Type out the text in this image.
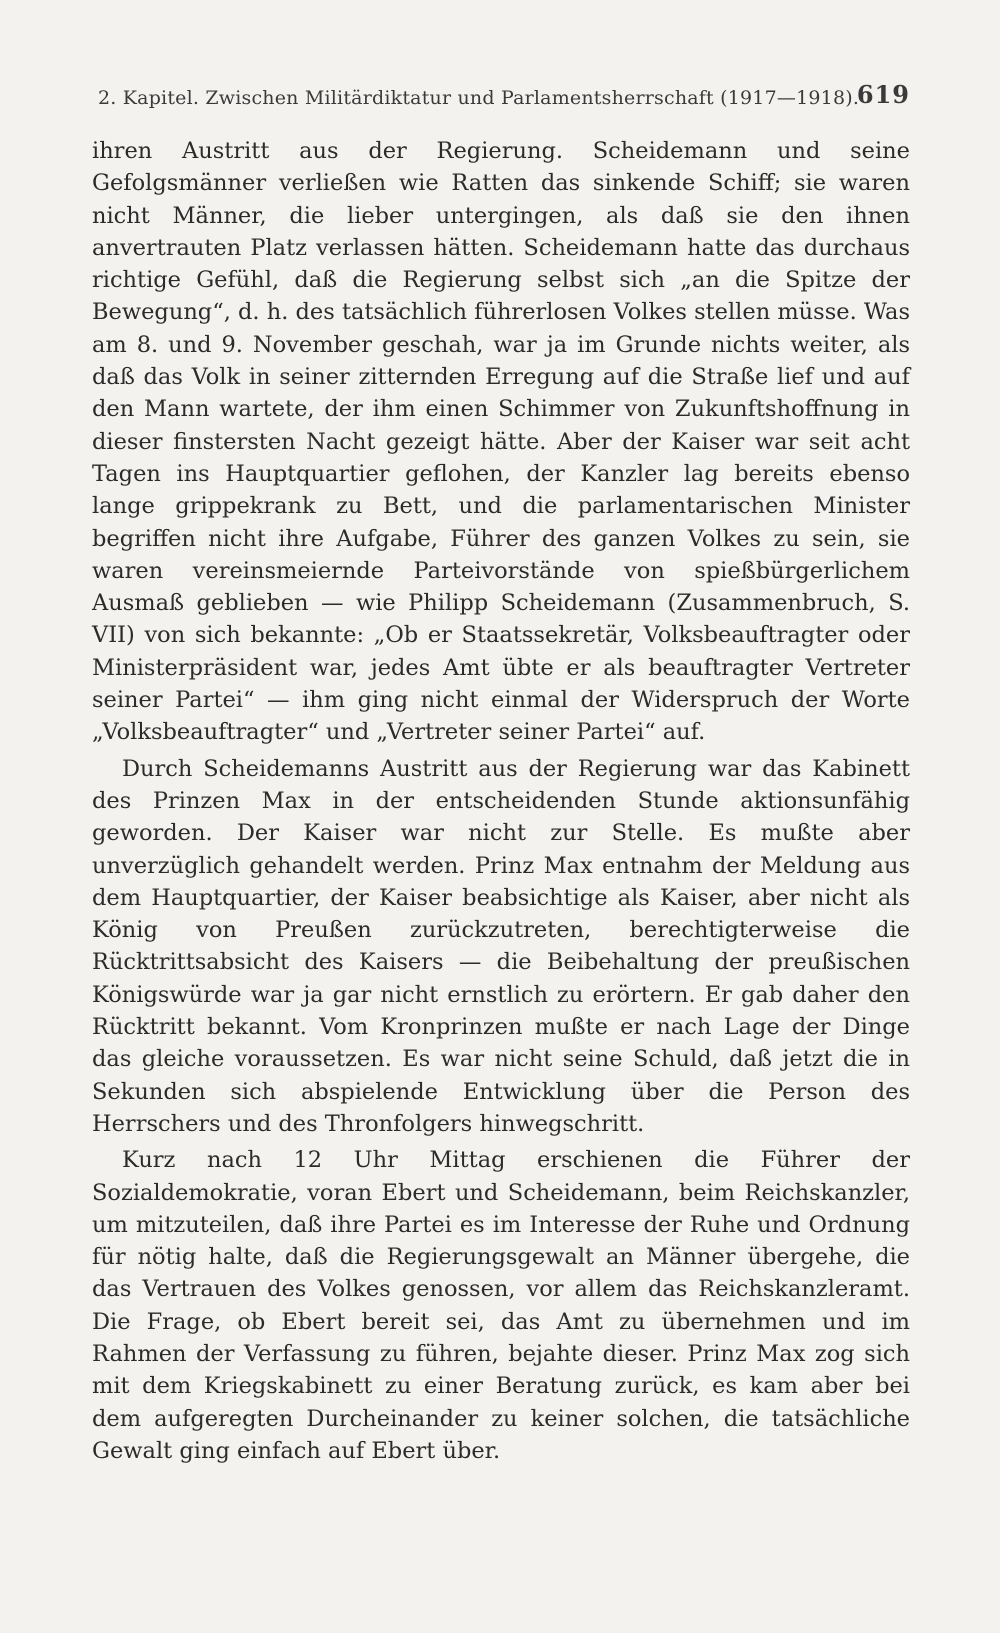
2. Kapitel. Zwischen Militärdiktatur und Parlamentsherrschaft (1917—1918).
619

ihren Austritt aus der Regierung. Scheidemann und seine Gefolgsmänner verließen wie Ratten das sinkende Schiff; sie waren nicht Männer, die lieber untergingen, als daß sie den ihnen anvertrauten Platz verlassen hätten. Scheidemann hatte das durchaus richtige Gefühl, daß die Regierung selbst sich „an die Spitze der Bewegung“, d. h. des tatsächlich führerlosen Volkes stellen müsse. Was am 8. und 9. November geschah, war ja im Grunde nichts weiter, als daß das Volk in seiner zitternden Erregung auf die Straße lief und auf den Mann wartete, der ihm einen Schimmer von Zukunftshoffnung in dieser finstersten Nacht gezeigt hätte. Aber der Kaiser war seit acht Tagen ins Hauptquartier geflohen, der Kanzler lag bereits ebenso lange grippekrank zu Bett, und die parlamentarischen Minister begriffen nicht ihre Aufgabe, Führer des ganzen Volkes zu sein, sie waren vereinsmeiernde Parteivorstände von spießbürgerlichem Ausmaß geblieben — wie Philipp Scheidemann (Zusammenbruch, S. VII) von sich bekannte: „Ob er Staatssekretär, Volksbeauftragter oder Ministerpräsident war, jedes Amt übte er als beauftragter Vertreter seiner Partei“ — ihm ging nicht einmal der Widerspruch der Worte „Volksbeauftragter“ und „Vertreter seiner Partei“ auf.

Durch Scheidemanns Austritt aus der Regierung war das Kabinett des Prinzen Max in der entscheidenden Stunde aktionsunfähig geworden. Der Kaiser war nicht zur Stelle. Es mußte aber unverzüglich gehandelt werden. Prinz Max entnahm der Meldung aus dem Hauptquartier, der Kaiser beabsichtige als Kaiser, aber nicht als König von Preußen zurückzutreten, berechtigterweise die Rücktrittsabsicht des Kaisers — die Beibehaltung der preußischen Königswürde war ja gar nicht ernstlich zu erörtern. Er gab daher den Rücktritt bekannt. Vom Kronprinzen mußte er nach Lage der Dinge das gleiche voraussetzen. Es war nicht seine Schuld, daß jetzt die in Sekunden sich abspielende Entwicklung über die Person des Herrschers und des Thronfolgers hinwegschritt.

Kurz nach 12 Uhr Mittag erschienen die Führer der Sozialdemokratie, voran Ebert und Scheidemann, beim Reichskanzler, um mitzuteilen, daß ihre Partei es im Interesse der Ruhe und Ordnung für nötig halte, daß die Regierungsgewalt an Männer übergehe, die das Vertrauen des Volkes genossen, vor allem das Reichskanzleramt. Die Frage, ob Ebert bereit sei, das Amt zu übernehmen und im Rahmen der Verfassung zu führen, bejahte dieser. Prinz Max zog sich mit dem Kriegskabinett zu einer Beratung zurück, es kam aber bei dem aufgeregten Durcheinander zu keiner solchen, die tatsächliche Gewalt ging einfach auf Ebert über.
